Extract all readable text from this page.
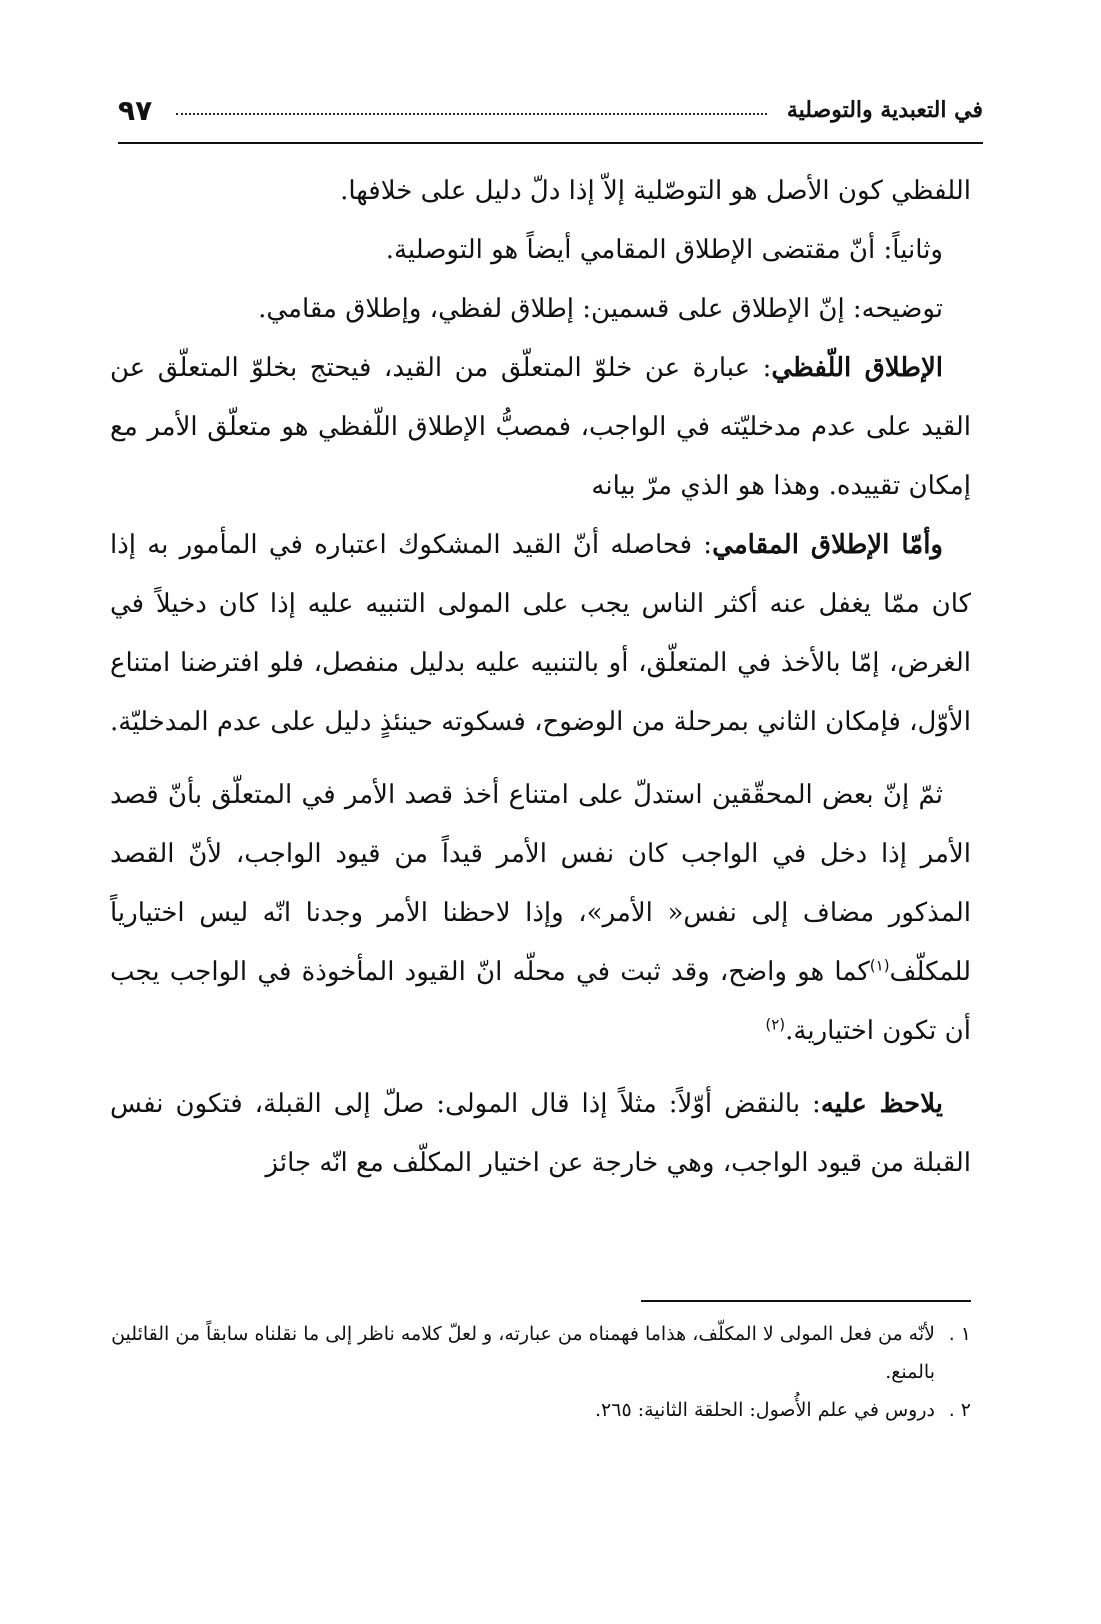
في التعبدية والتوصلية
٩٧

اللفظي كون الأصل هو التوصّلية إلاّ إذا دلّ دليل على خلافها.

وثانياً: أنّ مقتضى الإطلاق المقامي أيضاً هو التوصلية.

توضيحه: إنّ الإطلاق على قسمين: إطلاق لفظي، وإطلاق مقامي.

الإطلاق اللّفظي: عبارة عن خلوّ المتعلّق من القيد، فيحتج بخلوّ المتعلّق عن القيد على عدم مدخليّته في الواجب، فمصبُّ الإطلاق اللّفظي هو متعلّق الأمر مع إمكان تقييده. وهذا هو الذي مرّ بيانه

وأمّا الإطلاق المقامي: فحاصله أنّ القيد المشكوك اعتباره في المأمور به إذا كان ممّا يغفل عنه أكثر الناس يجب على المولى التنبيه عليه إذا كان دخيلاً في الغرض، إمّا بالأخذ في المتعلّق، أو بالتنبيه عليه بدليل منفصل، فلو افترضنا امتناع الأوّل، فإمكان الثاني بمرحلة من الوضوح، فسكوته حينئذٍ دليل على عدم المدخليّة.

ثمّ إنّ بعض المحقّقين استدلّ على امتناع أخذ قصد الأمر في المتعلّق بأنّ قصد الأمر إذا دخل في الواجب كان نفس الأمر قيداً من قيود الواجب، لأنّ القصد المذكور مضاف إلى نفس« الأمر»، وإذا لاحظنا الأمر وجدنا انّه ليس اختيارياً للمكلّف$^{(١)}$كما هو واضح، وقد ثبت في محلّه انّ القيود المأخوذة في الواجب يجب أن تكون اختيارية.$^{(٢)}$

يلاحظ عليه: بالنقض أوّلاً: مثلاً إذا قال المولى: صلّ إلى القبلة، فتكون نفس القبلة من قيود الواجب، وهي خارجة عن اختيار المكلّف مع انّه جائز

١ .لأنّه من فعل المولى لا المكلّف، هذاما فهمناه من عبارته، و لعلّ كلامه ناظر إلى ما نقلناه سابقاً من القائلين بالمنع.

٢ .دروس في علم الأُصول: الحلقة الثانية: ٢٦٥.
